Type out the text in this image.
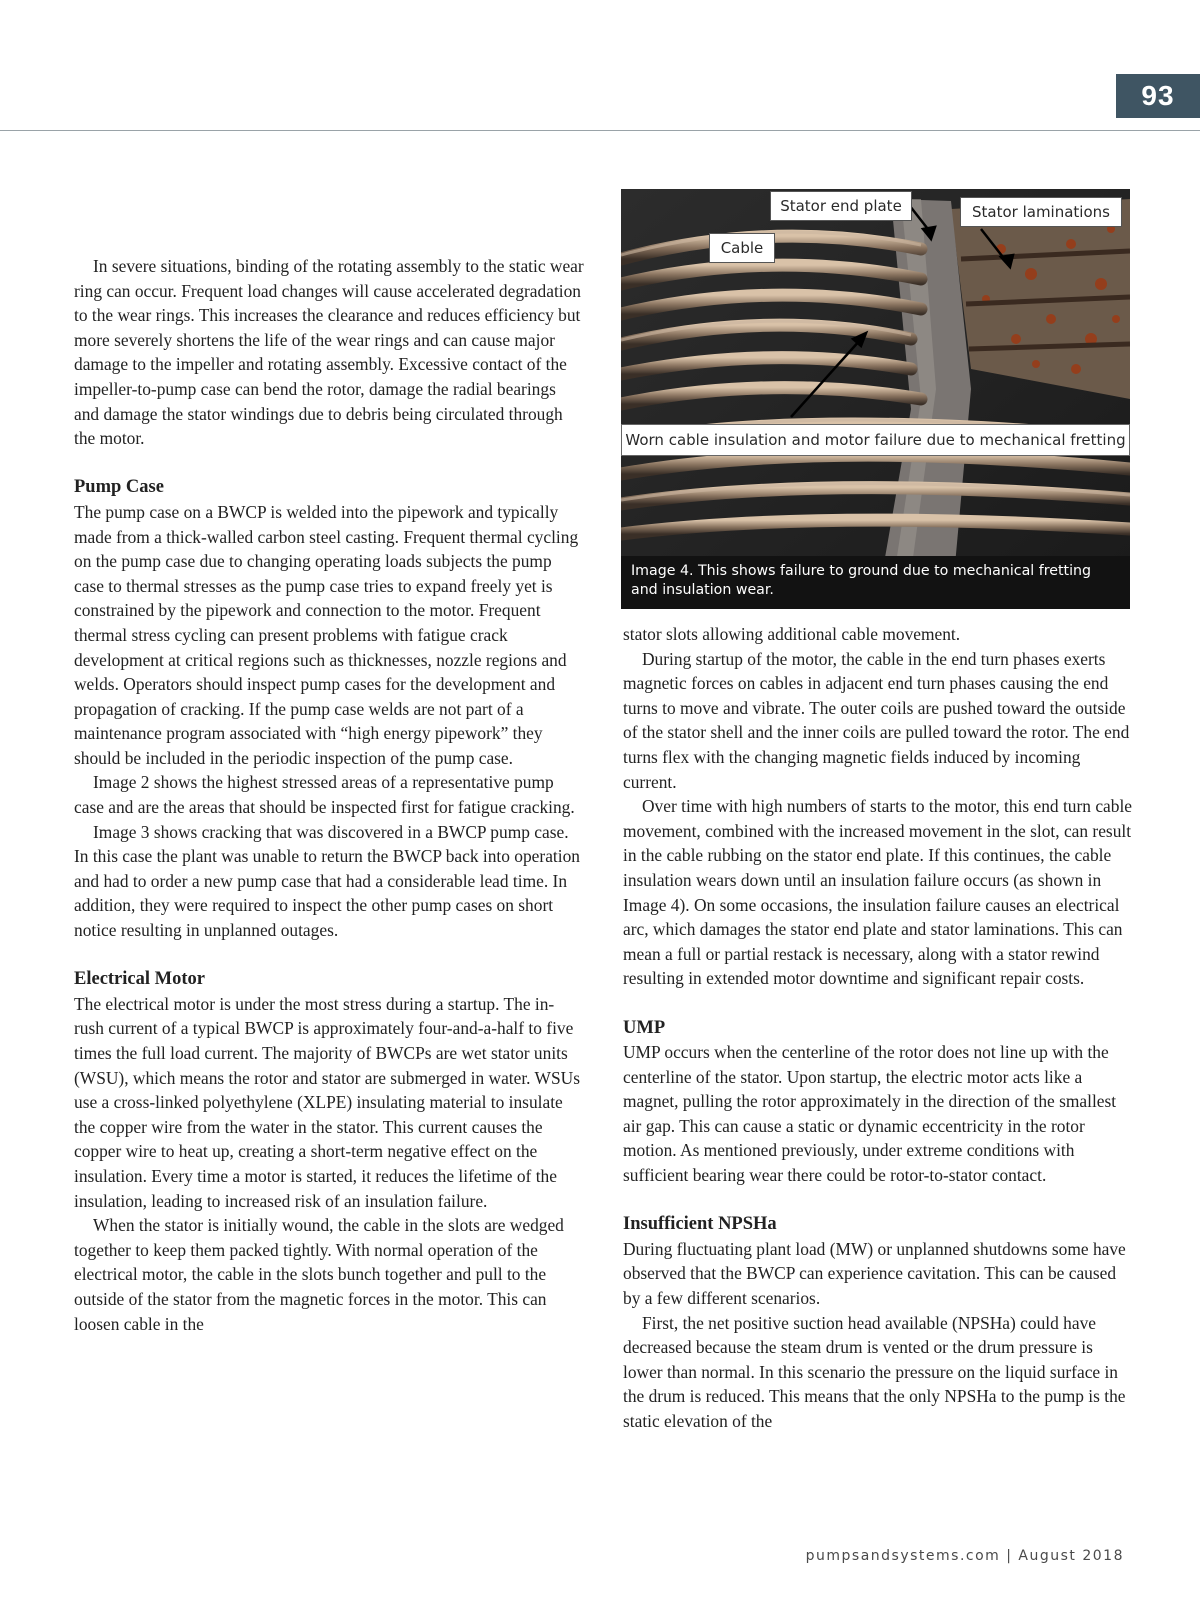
93

In severe situations, binding of the rotating assembly to the static wear ring can occur. Frequent load changes will cause accelerated degradation to the wear rings. This increases the clearance and reduces efficiency but more severely shortens the life of the wear rings and can cause major damage to the impeller and rotating assembly. Excessive contact of the impeller-to-pump case can bend the rotor, damage the radial bearings and damage the stator windings due to debris being circulated through the motor.

Pump Case

The pump case on a BWCP is welded into the pipework and typically made from a thick-walled carbon steel casting. Frequent thermal cycling on the pump case due to changing operating loads subjects the pump case to thermal stresses as the pump case tries to expand freely yet is constrained by the pipework and connection to the motor. Frequent thermal stress cycling can present problems with fatigue crack development at critical regions such as thicknesses, nozzle regions and welds. Operators should inspect pump cases for the development and propagation of cracking. If the pump case welds are not part of a maintenance program associated with “high energy pipework” they should be included in the periodic inspection of the pump case.

Image 2 shows the highest stressed areas of a representative pump case and are the areas that should be inspected first for fatigue cracking.

Image 3 shows cracking that was discovered in a BWCP pump case. In this case the plant was unable to return the BWCP back into operation and had to order a new pump case that had a considerable lead time. In addition, they were required to inspect the other pump cases on short notice resulting in unplanned outages.

Electrical Motor

The electrical motor is under the most stress during a startup. The in-rush current of a typical BWCP is approximately four-and-a-half to five times the full load current. The majority of BWCPs are wet stator units (WSU), which means the rotor and stator are submerged in water. WSUs use a cross-linked polyethylene (XLPE) insulating material to insulate the copper wire from the water in the stator. This current causes the copper wire to heat up, creating a short-term negative effect on the insulation. Every time a motor is started, it reduces the lifetime of the insulation, leading to increased risk of an insulation failure.

When the stator is initially wound, the cable in the slots are wedged together to keep them packed tightly. With normal operation of the electrical motor, the cable in the slots bunch together and pull to the outside of the stator from the magnetic forces in the motor. This can loosen cable in the

Stator end plate	Stator laminations
Cable
Worn cable insulation and motor failure due to mechanical fretting
Image 4. This shows failure to ground due to mechanical fretting and insulation wear.

stator slots allowing additional cable movement.

During startup of the motor, the cable in the end turn phases exerts magnetic forces on cables in adjacent end turn phases causing the end turns to move and vibrate. The outer coils are pushed toward the outside of the stator shell and the inner coils are pulled toward the rotor. The end turns flex with the changing magnetic fields induced by incoming current.

Over time with high numbers of starts to the motor, this end turn cable movement, combined with the increased movement in the slot, can result in the cable rubbing on the stator end plate. If this continues, the cable insulation wears down until an insulation failure occurs (as shown in Image 4). On some occasions, the insulation failure causes an electrical arc, which damages the stator end plate and stator laminations. This can mean a full or partial restack is necessary, along with a stator rewind resulting in extended motor downtime and significant repair costs.

UMP

UMP occurs when the centerline of the rotor does not line up with the centerline of the stator. Upon startup, the electric motor acts like a magnet, pulling the rotor approximately in the direction of the smallest air gap. This can cause a static or dynamic eccentricity in the rotor motion. As mentioned previously, under extreme conditions with sufficient bearing wear there could be rotor-to-stator contact.

Insufficient NPSHa

During fluctuating plant load (MW) or unplanned shutdowns some have observed that the BWCP can experience cavitation. This can be caused by a few different scenarios.

First, the net positive suction head available (NPSHa) could have decreased because the steam drum is vented or the drum pressure is lower than normal. In this scenario the pressure on the liquid surface in the drum is reduced. This means that the only NPSHa to the pump is the static elevation of the

pumpsandsystems.com | August 2018
